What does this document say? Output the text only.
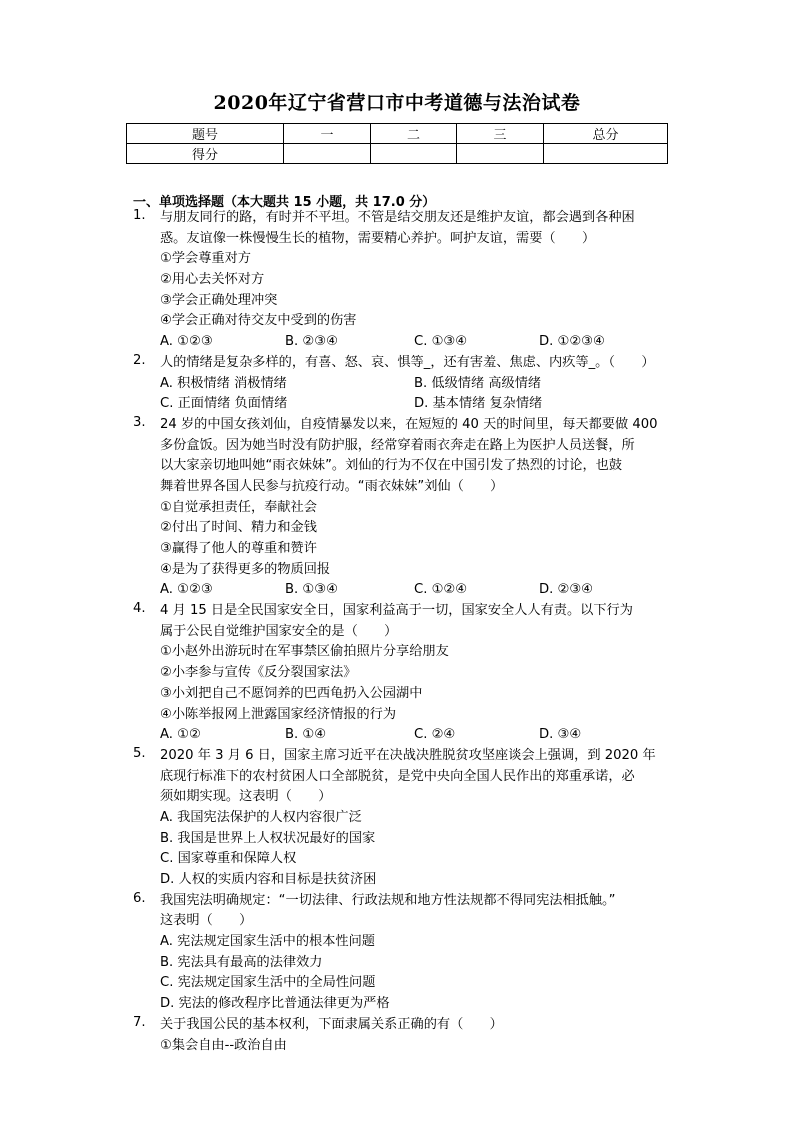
2020年辽宁省营口市中考道德与法治试卷
题号	一	二	三	总分
得分				
一、单项选择题（本大题共 15 小题，共 17.0 分）
1. 与朋友同行的路，有时并不平坦。不管是结交朋友还是维护友谊，都会遇到各种困
惑。友谊像一株慢慢生长的植物，需要精心养护。呵护友谊，需要（　　）
①学会尊重对方
②用心去关怀对方
③学会正确处理冲突
④学会正确对待交友中受到的伤害
A. ①②③	B. ②③④	C. ①③④	D. ①②③④
2. 人的情绪是复杂多样的，有喜、怒、哀、惧等_，还有害羞、焦虑、内疚等_。（　　）
A. 积极情绪 消极情绪	B. 低级情绪 高级情绪
C. 正面情绪 负面情绪	D. 基本情绪 复杂情绪
3. 24 岁的中国女孩刘仙，自疫情暴发以来，在短短的 40 天的时间里，每天都要做 400
多份盒饭。因为她当时没有防护服，经常穿着雨衣奔走在路上为医护人员送餐，所
以大家亲切地叫她“雨衣妹妹”。刘仙的行为不仅在中国引发了热烈的讨论，也鼓
舞着世界各国人民参与抗疫行动。“雨衣妹妹”刘仙（　　）
①自觉承担责任，奉献社会
②付出了时间、精力和金钱
③赢得了他人的尊重和赞许
④是为了获得更多的物质回报
A. ①②③	B. ①③④	C. ①②④	D. ②③④
4. 4 月 15 日是全民国家安全日，国家利益高于一切，国家安全人人有责。以下行为
属于公民自觉维护国家安全的是（　　）
①小赵外出游玩时在军事禁区偷拍照片分享给朋友
②小李参与宣传《反分裂国家法》
③小刘把自己不愿饲养的巴西龟扔入公园湖中
④小陈举报网上泄露国家经济情报的行为
A. ①②	B. ①④	C. ②④	D. ③④
5. 2020 年 3 月 6 日，国家主席习近平在决战决胜脱贫攻坚座谈会上强调，到 2020 年
底现行标准下的农村贫困人口全部脱贫，是党中央向全国人民作出的郑重承诺，必
须如期实现。这表明（　　）
A. 我国宪法保护的人权内容很广泛
B. 我国是世界上人权状况最好的国家
C. 国家尊重和保障人权
D. 人权的实质内容和目标是扶贫济困
6. 我国宪法明确规定：“一切法律、行政法规和地方性法规都不得同宪法相抵触。”
这表明（　　）
A. 宪法规定国家生活中的根本性问题
B. 宪法具有最高的法律效力
C. 宪法规定国家生活中的全局性问题
D. 宪法的修改程序比普通法律更为严格
7. 关于我国公民的基本权利，下面隶属关系正确的有（　　）
①集会自由--政治自由
